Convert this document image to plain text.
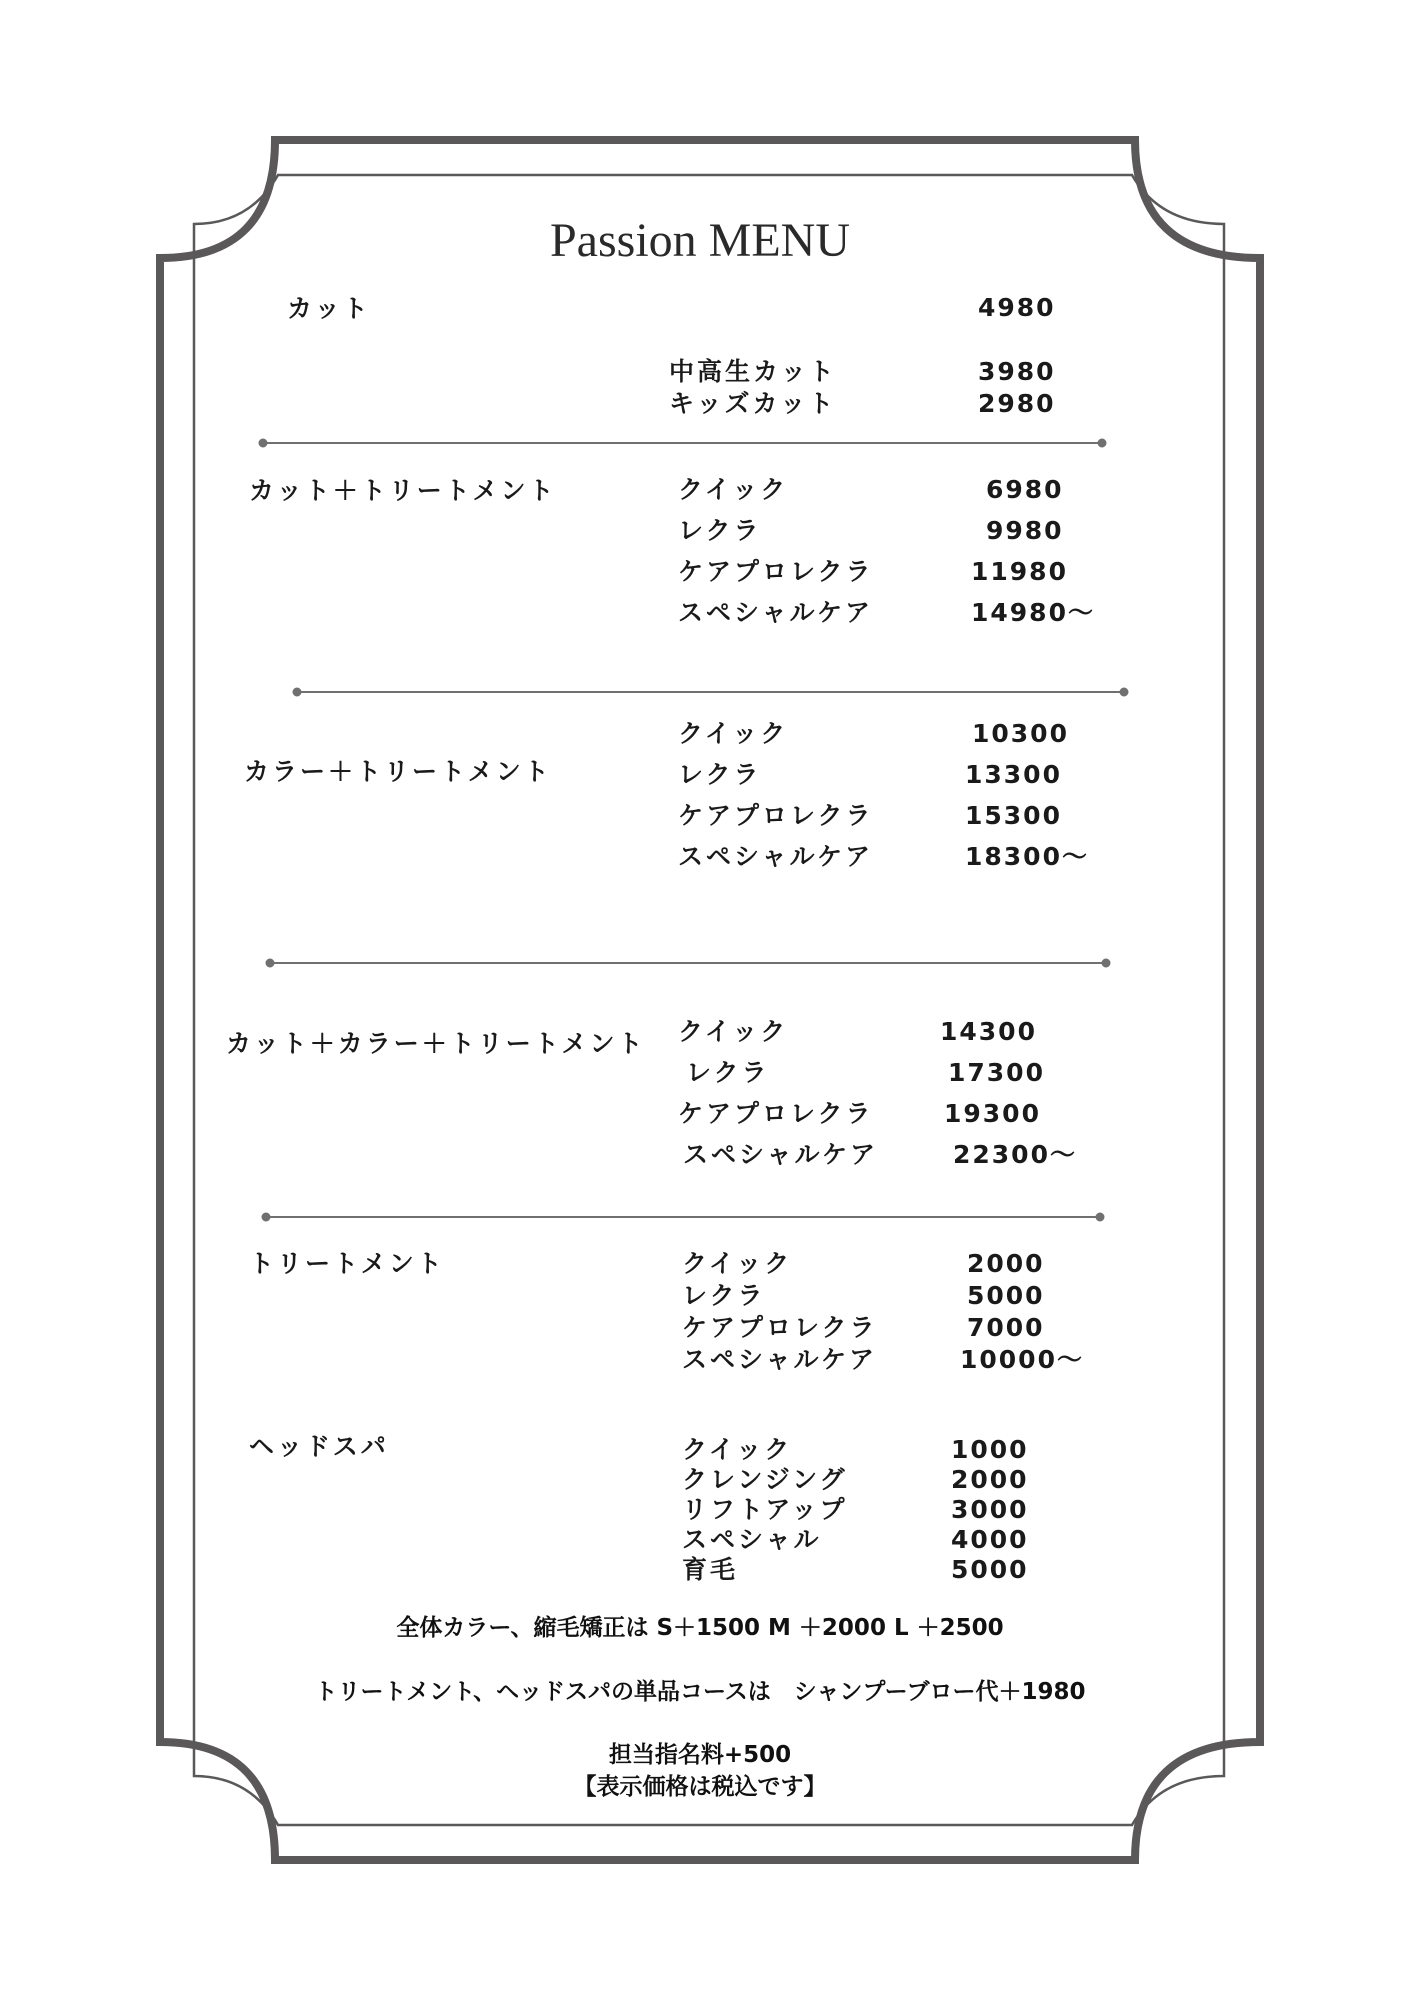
Passion MENU
カット	4980
中高生カット	3980
キッズカット	2980
カット＋トリートメント	クイック	6980
レクラ	9980
ケアプロレクラ	11980
スペシャルケア	14980〜
カラー＋トリートメント
クイック	10300
レクラ	13300
ケアプロレクラ	15300
スペシャルケア	18300〜
カット＋カラー＋トリートメント クイック	14300
レクラ	17300
ケアプロレクラ	19300
スペシャルケア	22300〜
トリートメント	クイック	2000
レクラ	5000
ケアプロレクラ	7000
スペシャルケア	10000〜
ヘッドスパ	クイック	1000
クレンジング	2000
リフトアップ	3000
スペシャル	4000
育毛	5000
全体カラー、縮毛矯正は S＋1500 M ＋2000 L ＋2500
トリートメント、ヘッドスパの単品コースは　シャンプーブロー代＋1980
担当指名料+500
【表示価格は税込です】
